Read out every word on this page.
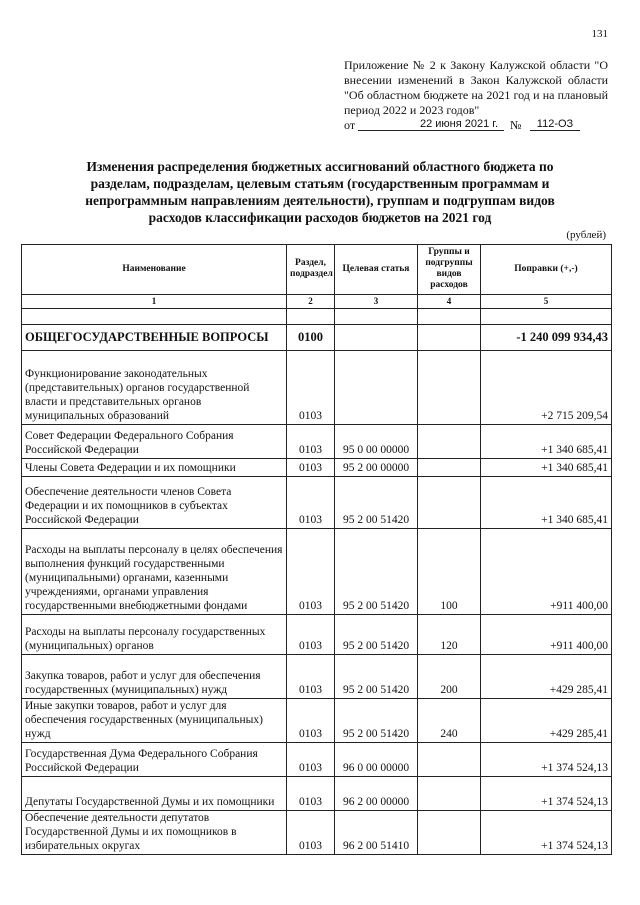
131

Приложение № 2 к Закону Калужской области "О внесении изменений в Закон Калужской области "Об областном бюджете на 2021 год и на плановый период 2022 и 2023 годов"

от	22 июня 2021 г.	№	112-ОЗ
Изменения распределения бюджетных ассигнований областного бюджета по разделам, подразделам, целевым статьям (государственным программам и непрограммным направлениям деятельности), группам и подгруппам видов расходов классификации расходов бюджетов на 2021 год
(рублей)
Наименование	Раздел, подраздел	Целевая статья	Группы и подгруппы видов расходов	Поправки (+,-)
1	2	3	4	5

ОБЩЕГОСУДАРСТВЕННЫЕ ВОПРОСЫ	0100			-1 240 099 934,43
Функционирование законодательных (представительных) органов государственной власти и представительных органов муниципальных образований	0103			+2 715 209,54
Совет Федерации Федерального Собрания Российской Федерации	0103	95 0 00 00000		+1 340 685,41
Члены Совета Федерации и их помощники	0103	95 2 00 00000		+1 340 685,41
Обеспечение деятельности членов Совета Федерации и их помощников в субъектах Российской Федерации	0103	95 2 00 51420		+1 340 685,41
Расходы на выплаты персоналу в целях обеспечения выполнения функций государственными (муниципальными) органами, казенными учреждениями, органами управления государственными внебюджетными фондами	0103	95 2 00 51420	100	+911 400,00
Расходы на выплаты персоналу государственных (муниципальных) органов	0103	95 2 00 51420	120	+911 400,00
Закупка товаров, работ и услуг для обеспечения государственных (муниципальных) нужд	0103	95 2 00 51420	200	+429 285,41
Иные закупки товаров, работ и услуг для обеспечения государственных (муниципальных) нужд	0103	95 2 00 51420	240	+429 285,41
Государственная Дума Федерального Собрания Российской Федерации	0103	96 0 00 00000		+1 374 524,13
Депутаты Государственной Думы и их помощники	0103	96 2 00 00000		+1 374 524,13
Обеспечение деятельности депутатов Государственной Думы и их помощников в избирательных округах	0103	96 2 00 51410		+1 374 524,13
